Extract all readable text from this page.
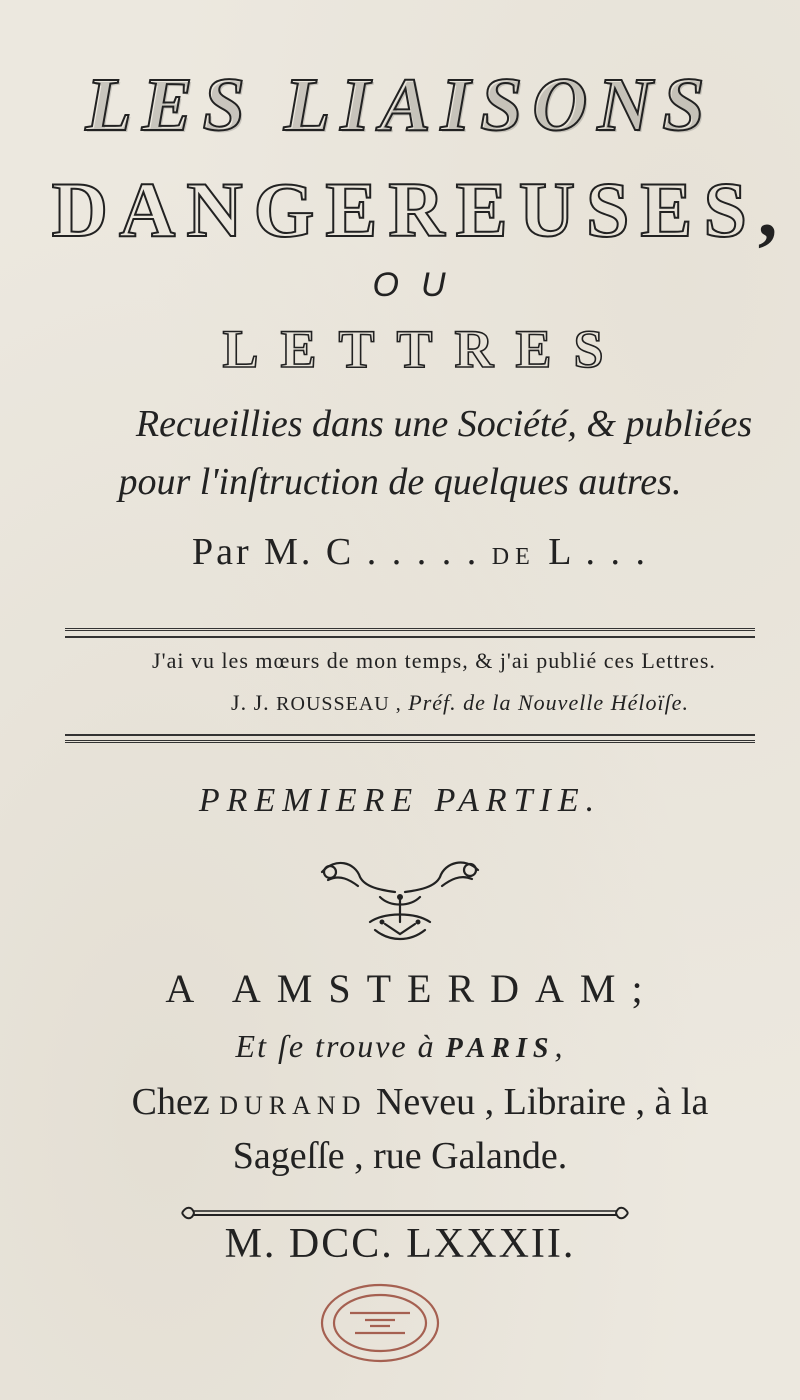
LES LIAISONS
DANGEREUSES,
OU
LETTRES
Recueillies dans une Société, & publiées
pour l'inſtruction de quelques autres.
Par M. C . . . . . DE L . . .
J'ai vu les mœurs de mon temps, & j'ai publié ces Lettres.
J. J. ROUSSEAU , Préf. de la Nouvelle Héloïſe.
PREMIERE PARTIE.
A AMSTERDAM;
Et ſe trouve à PARIS,
Chez DURAND Neveu , Libraire , à la
Sageſſe , rue Galande.
M. DCC. LXXXII.
